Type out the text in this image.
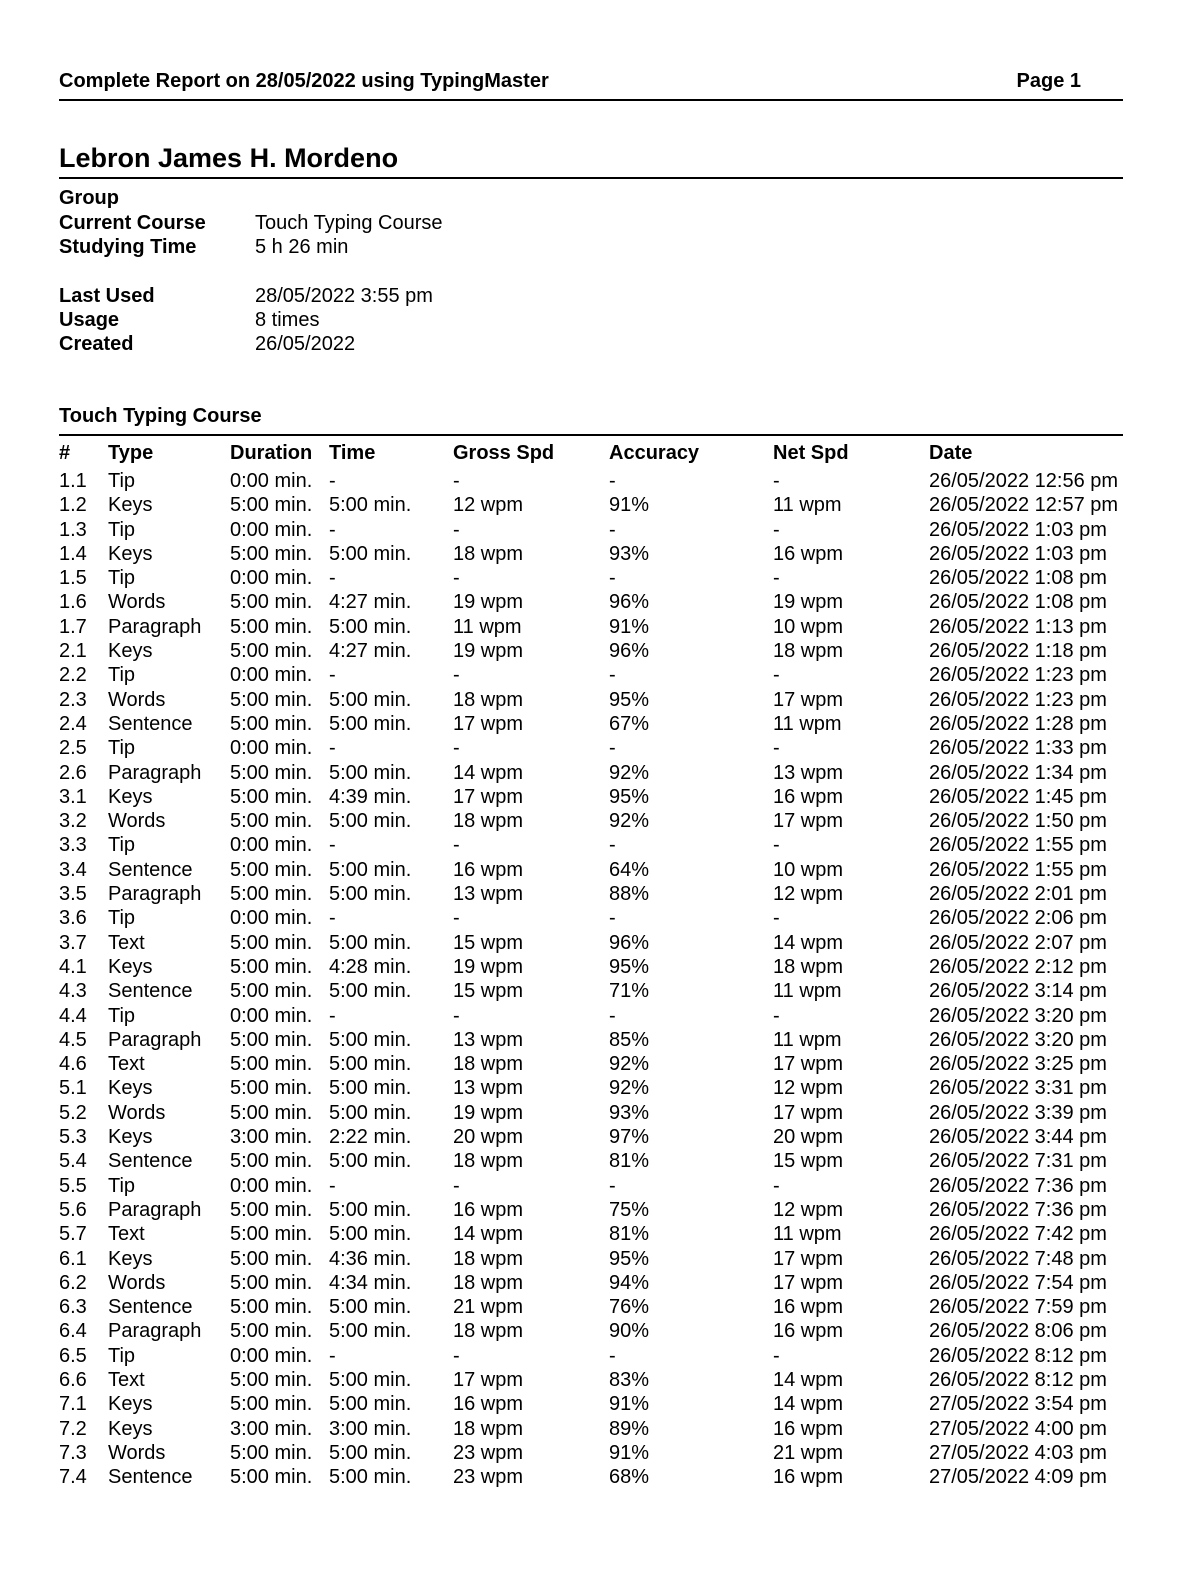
Complete Report on 28/05/2022 using TypingMaster	Page 1
Lebron James H. Mordeno
Group
Current Course Touch Typing Course
Studying Time	5 h 26 min
Last Used	28/05/2022 3:55 pm
Usage	8 times
Created	26/05/2022
Touch Typing Course
# Type	Duration Time	Gross Spd	Accuracy	Net Spd	Date
1.1 Tip	0:00 min. -	-	-	-	26/05/2022 12:56 pm
1.2 Keys	5:00 min. 5:00 min. 12 wpm	91%	11 wpm	26/05/2022 12:57 pm
1.3 Tip	0:00 min. -	-	-	-	26/05/2022 1:03 pm
1.4 Keys	5:00 min. 5:00 min. 18 wpm	93%	16 wpm	26/05/2022 1:03 pm
1.5 Tip	0:00 min. -	-	-	-	26/05/2022 1:08 pm
1.6 Words	5:00 min. 4:27 min. 19 wpm	96%	19 wpm	26/05/2022 1:08 pm
1.7 Paragraph 5:00 min. 5:00 min. 11 wpm	91%	10 wpm	26/05/2022 1:13 pm
2.1 Keys	5:00 min. 4:27 min. 19 wpm	96%	18 wpm	26/05/2022 1:18 pm
2.2 Tip	0:00 min. -	-	-	-	26/05/2022 1:23 pm
2.3 Words	5:00 min. 5:00 min. 18 wpm	95%	17 wpm	26/05/2022 1:23 pm
2.4 Sentence 5:00 min. 5:00 min. 17 wpm	67%	11 wpm	26/05/2022 1:28 pm
2.5 Tip	0:00 min. -	-	-	-	26/05/2022 1:33 pm
2.6 Paragraph 5:00 min. 5:00 min. 14 wpm	92%	13 wpm	26/05/2022 1:34 pm
3.1 Keys	5:00 min. 4:39 min. 17 wpm	95%	16 wpm	26/05/2022 1:45 pm
3.2 Words	5:00 min. 5:00 min. 18 wpm	92%	17 wpm	26/05/2022 1:50 pm
3.3 Tip	0:00 min. -	-	-	-	26/05/2022 1:55 pm
3.4 Sentence 5:00 min. 5:00 min. 16 wpm	64%	10 wpm	26/05/2022 1:55 pm
3.5 Paragraph 5:00 min. 5:00 min. 13 wpm	88%	12 wpm	26/05/2022 2:01 pm
3.6 Tip	0:00 min. -	-	-	-	26/05/2022 2:06 pm
3.7 Text	5:00 min. 5:00 min. 15 wpm	96%	14 wpm	26/05/2022 2:07 pm
4.1 Keys	5:00 min. 4:28 min. 19 wpm	95%	18 wpm	26/05/2022 2:12 pm
4.3 Sentence 5:00 min. 5:00 min. 15 wpm	71%	11 wpm	26/05/2022 3:14 pm
4.4 Tip	0:00 min. -	-	-	-	26/05/2022 3:20 pm
4.5 Paragraph 5:00 min. 5:00 min. 13 wpm	85%	11 wpm	26/05/2022 3:20 pm
4.6 Text	5:00 min. 5:00 min. 18 wpm	92%	17 wpm	26/05/2022 3:25 pm
5.1 Keys	5:00 min. 5:00 min. 13 wpm	92%	12 wpm	26/05/2022 3:31 pm
5.2 Words	5:00 min. 5:00 min. 19 wpm	93%	17 wpm	26/05/2022 3:39 pm
5.3 Keys	3:00 min. 2:22 min. 20 wpm	97%	20 wpm	26/05/2022 3:44 pm
5.4 Sentence 5:00 min. 5:00 min. 18 wpm	81%	15 wpm	26/05/2022 7:31 pm
5.5 Tip	0:00 min. -	-	-	-	26/05/2022 7:36 pm
5.6 Paragraph 5:00 min. 5:00 min. 16 wpm	75%	12 wpm	26/05/2022 7:36 pm
5.7 Text	5:00 min. 5:00 min. 14 wpm	81%	11 wpm	26/05/2022 7:42 pm
6.1 Keys	5:00 min. 4:36 min. 18 wpm	95%	17 wpm	26/05/2022 7:48 pm
6.2 Words	5:00 min. 4:34 min. 18 wpm	94%	17 wpm	26/05/2022 7:54 pm
6.3 Sentence 5:00 min. 5:00 min. 21 wpm	76%	16 wpm	26/05/2022 7:59 pm
6.4 Paragraph 5:00 min. 5:00 min. 18 wpm	90%	16 wpm	26/05/2022 8:06 pm
6.5 Tip	0:00 min. -	-	-	-	26/05/2022 8:12 pm
6.6 Text	5:00 min. 5:00 min. 17 wpm	83%	14 wpm	26/05/2022 8:12 pm
7.1 Keys	5:00 min. 5:00 min. 16 wpm	91%	14 wpm	27/05/2022 3:54 pm
7.2 Keys	3:00 min. 3:00 min. 18 wpm	89%	16 wpm	27/05/2022 4:00 pm
7.3 Words	5:00 min. 5:00 min. 23 wpm	91%	21 wpm	27/05/2022 4:03 pm
7.4 Sentence 5:00 min. 5:00 min. 23 wpm	68%	16 wpm	27/05/2022 4:09 pm
